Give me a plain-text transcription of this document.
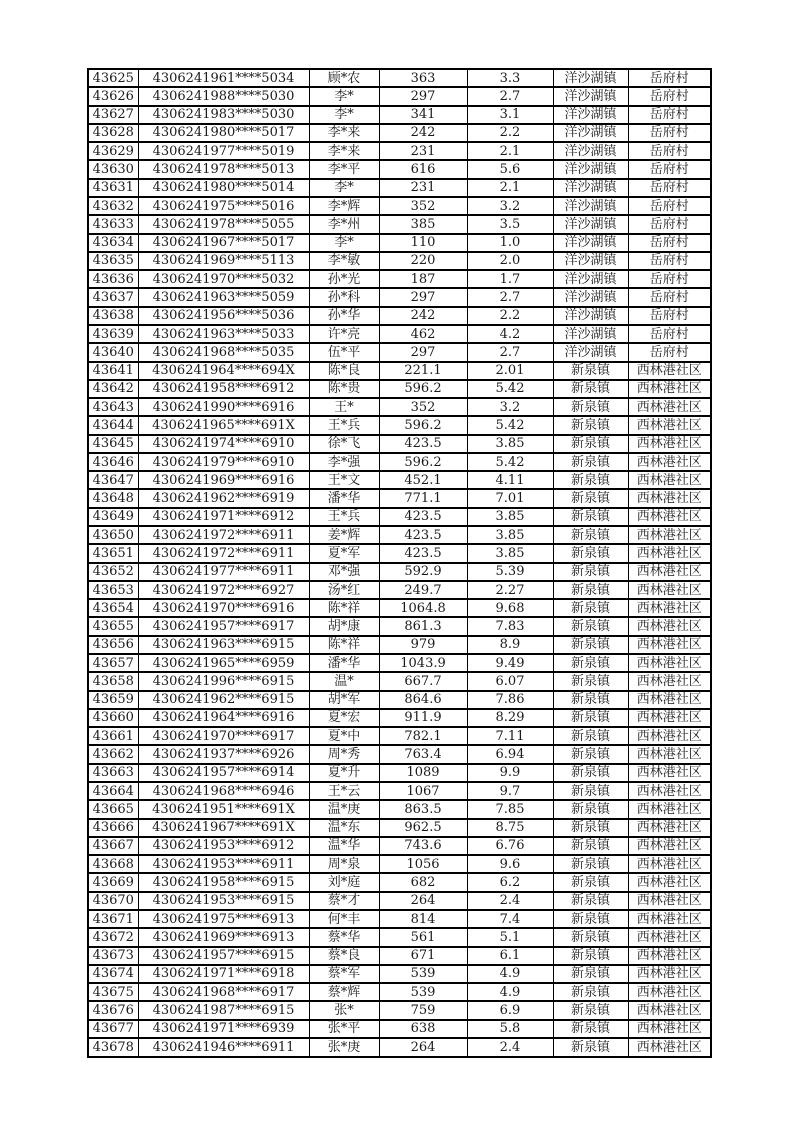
43625	4306241961****5034	顾*农	363	3.3	洋沙湖镇	岳府村
43626	4306241988****5030	李*	297	2.7	洋沙湖镇	岳府村
43627	4306241983****5030	李*	341	3.1	洋沙湖镇	岳府村
43628	4306241980****5017	李*来	242	2.2	洋沙湖镇	岳府村
43629	4306241977****5019	李*来	231	2.1	洋沙湖镇	岳府村
43630	4306241978****5013	李*平	616	5.6	洋沙湖镇	岳府村
43631	4306241980****5014	李*	231	2.1	洋沙湖镇	岳府村
43632	4306241975****5016	李*辉	352	3.2	洋沙湖镇	岳府村
43633	4306241978****5055	李*州	385	3.5	洋沙湖镇	岳府村
43634	4306241967****5017	李*	110	1.0	洋沙湖镇	岳府村
43635	4306241969****5113	李*敏	220	2.0	洋沙湖镇	岳府村
43636	4306241970****5032	孙*光	187	1.7	洋沙湖镇	岳府村
43637	4306241963****5059	孙*科	297	2.7	洋沙湖镇	岳府村
43638	4306241956****5036	孙*华	242	2.2	洋沙湖镇	岳府村
43639	4306241963****5033	许*亮	462	4.2	洋沙湖镇	岳府村
43640	4306241968****5035	伍*平	297	2.7	洋沙湖镇	岳府村
43641	4306241964****694X	陈*良	221.1	2.01	新泉镇	西林港社区
43642	4306241958****6912	陈*贵	596.2	5.42	新泉镇	西林港社区
43643	4306241990****6916	王*	352	3.2	新泉镇	西林港社区
43644	4306241965****691X	王*兵	596.2	5.42	新泉镇	西林港社区
43645	4306241974****6910	徐*飞	423.5	3.85	新泉镇	西林港社区
43646	4306241979****6910	李*强	596.2	5.42	新泉镇	西林港社区
43647	4306241969****6916	王*文	452.1	4.11	新泉镇	西林港社区
43648	4306241962****6919	潘*华	771.1	7.01	新泉镇	西林港社区
43649	4306241971****6912	王*兵	423.5	3.85	新泉镇	西林港社区
43650	4306241972****6911	姜*辉	423.5	3.85	新泉镇	西林港社区
43651	4306241972****6911	夏*军	423.5	3.85	新泉镇	西林港社区
43652	4306241977****6911	邓*强	592.9	5.39	新泉镇	西林港社区
43653	4306241972****6927	汤*红	249.7	2.27	新泉镇	西林港社区
43654	4306241970****6916	陈*祥	1064.8	9.68	新泉镇	西林港社区
43655	4306241957****6917	胡*康	861.3	7.83	新泉镇	西林港社区
43656	4306241963****6915	陈*祥	979	8.9	新泉镇	西林港社区
43657	4306241965****6959	潘*华	1043.9	9.49	新泉镇	西林港社区
43658	4306241996****6915	温*	667.7	6.07	新泉镇	西林港社区
43659	4306241962****6915	胡*军	864.6	7.86	新泉镇	西林港社区
43660	4306241964****6916	夏*宏	911.9	8.29	新泉镇	西林港社区
43661	4306241970****6917	夏*中	782.1	7.11	新泉镇	西林港社区
43662	4306241937****6926	周*秀	763.4	6.94	新泉镇	西林港社区
43663	4306241957****6914	夏*升	1089	9.9	新泉镇	西林港社区
43664	4306241968****6946	王*云	1067	9.7	新泉镇	西林港社区
43665	4306241951****691X	温*庚	863.5	7.85	新泉镇	西林港社区
43666	4306241967****691X	温*东	962.5	8.75	新泉镇	西林港社区
43667	4306241953****6912	温*华	743.6	6.76	新泉镇	西林港社区
43668	4306241953****6911	周*泉	1056	9.6	新泉镇	西林港社区
43669	4306241958****6915	刘*庭	682	6.2	新泉镇	西林港社区
43670	4306241953****6915	蔡*才	264	2.4	新泉镇	西林港社区
43671	4306241975****6913	何*丰	814	7.4	新泉镇	西林港社区
43672	4306241969****6913	蔡*华	561	5.1	新泉镇	西林港社区
43673	4306241957****6915	蔡*良	671	6.1	新泉镇	西林港社区
43674	4306241971****6918	蔡*军	539	4.9	新泉镇	西林港社区
43675	4306241968****6917	蔡*辉	539	4.9	新泉镇	西林港社区
43676	4306241987****6915	张*	759	6.9	新泉镇	西林港社区
43677	4306241971****6939	张*平	638	5.8	新泉镇	西林港社区
43678	4306241946****6911	张*庚	264	2.4	新泉镇	西林港社区
